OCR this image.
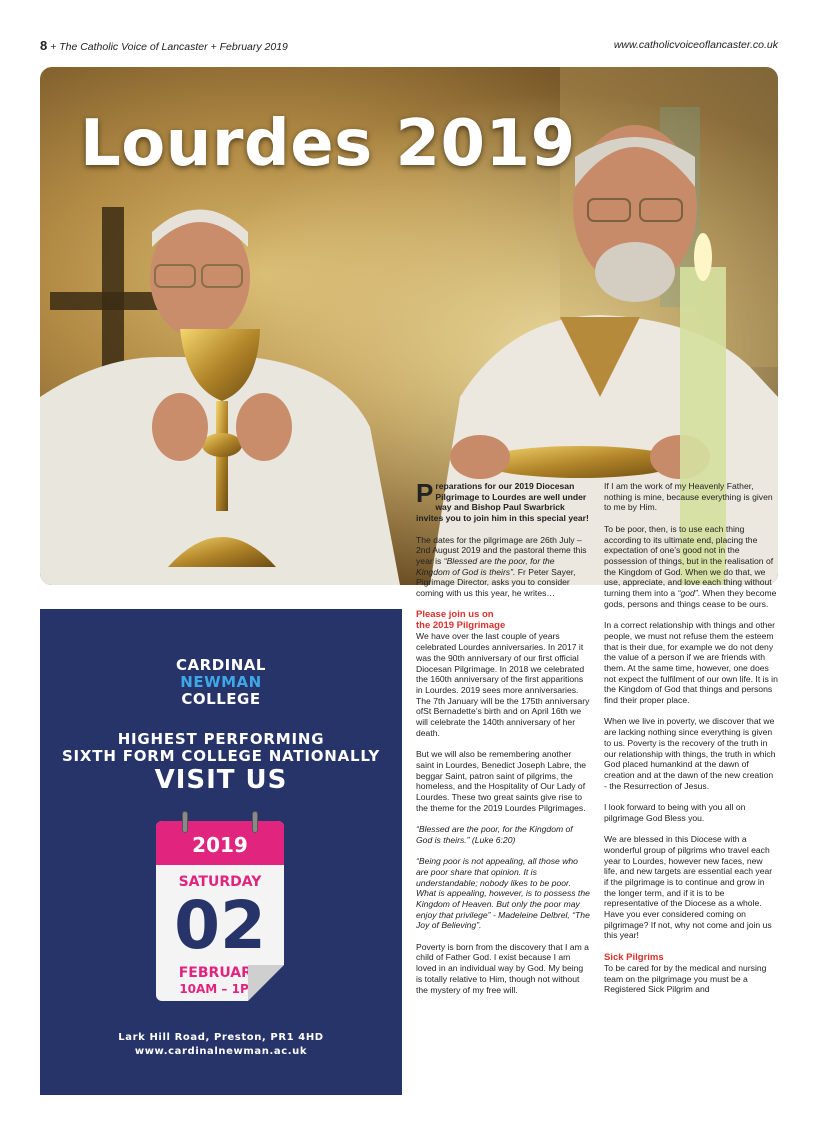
8 + The Catholic Voice of Lancaster + February 2019	www.catholicvoiceoflancaster.co.uk
Lourdes 2019
CARDINAL
NEWMAN
COLLEGE
HIGHEST PERFORMING
SIXTH FORM COLLEGE NATIONALLY
VISIT US
2019
SATURDAY
02
FEBRUARY
10AM – 1PM
Lark Hill Road, Preston, PR1 4HD
www.cardinalnewman.ac.uk

Preparations for our 2019 Diocesan Pilgrimage to Lourdes are well under way and Bishop Paul Swarbrick invites you to join him in this special year!

The dates for the pilgrimage are 26th July – 2nd August 2019 and the pastoral theme this year is “Blessed are the poor, for the Kingdom of God is theirs”. Fr Peter Sayer, Pigrimage Director, asks you to consider coming with us this year, he writes…

Please join us on
the 2019 Pilgrimage

We have over the last couple of years celebrated Lourdes anniversaries. In 2017 it was the 90th anniversary of our first official Diocesan Pilgrimage. In 2018 we celebrated the 160th anniversary of the first apparitions in Lourdes. 2019 sees more anniversaries. The 7th January will be the 175th anniversary ofSt Bernadette’s birth and on April 16th we will celebrate the 140th anniversary of her death.

But we will also be remembering another saint in Lourdes, Benedict Joseph Labre, the beggar Saint, patron saint of pilgrims, the homeless, and the Hospitality of Our Lady of Lourdes. These two great saints give rise to the theme for the 2019 Lourdes Pilgrimages.

“Blessed are the poor, for the Kingdom of God is theirs.” (Luke 6:20)

“Being poor is not appealing, all those who are poor share that opinion. It is understandable; nobody likes to be poor. What is appealing, however, is to possess the Kingdom of Heaven. But only the poor may enjoy that privilege” - Madeleine Delbrel, “The Joy of Believing”.

Poverty is born from the discovery that I am a child of Father God. I exist because I am loved in an individual way by God. My being is totally relative to Him, though not without the mystery of my free will.

If I am the work of my Heavenly Father, nothing is mine, because everything is given to me by Him.

To be poor, then, is to use each thing according to its ultimate end, placing the expectation of one’s good not in the possession of things, but in the realisation of the Kingdom of God. When we do that, we use, appreciate, and love each thing without turning them into a “god”. When they become gods, persons and things cease to be ours.

In a correct relationship with things and other people, we must not refuse them the esteem that is their due, for example we do not deny the value of a person if we are friends with them. At the same time, however, one does not expect the fulfilment of our own life. It is in the Kingdom of God that things and persons find their proper place.

When we live in poverty, we discover that we are lacking nothing since everything is given to us. Poverty is the recovery of the truth in our relationship with things, the truth in which God placed humankind at the dawn of creation and at the dawn of the new creation - the Resurrection of Jesus.

I look forward to being with you all on pilgrimage God Bless you.

We are blessed in this Diocese with a wonderful group of pilgrims who travel each year to Lourdes, however new faces, new life, and new targets are essential each year if the pilgrimage is to continue and grow in the longer term, and if it is to be representative of the Diocese as a whole. Have you ever considered coming on pilgrimage? If not, why not come and join us this year!

Sick Pilgrims

To be cared for by the medical and nursing team on the pilgrimage you must be a Registered Sick Pilgrim and
